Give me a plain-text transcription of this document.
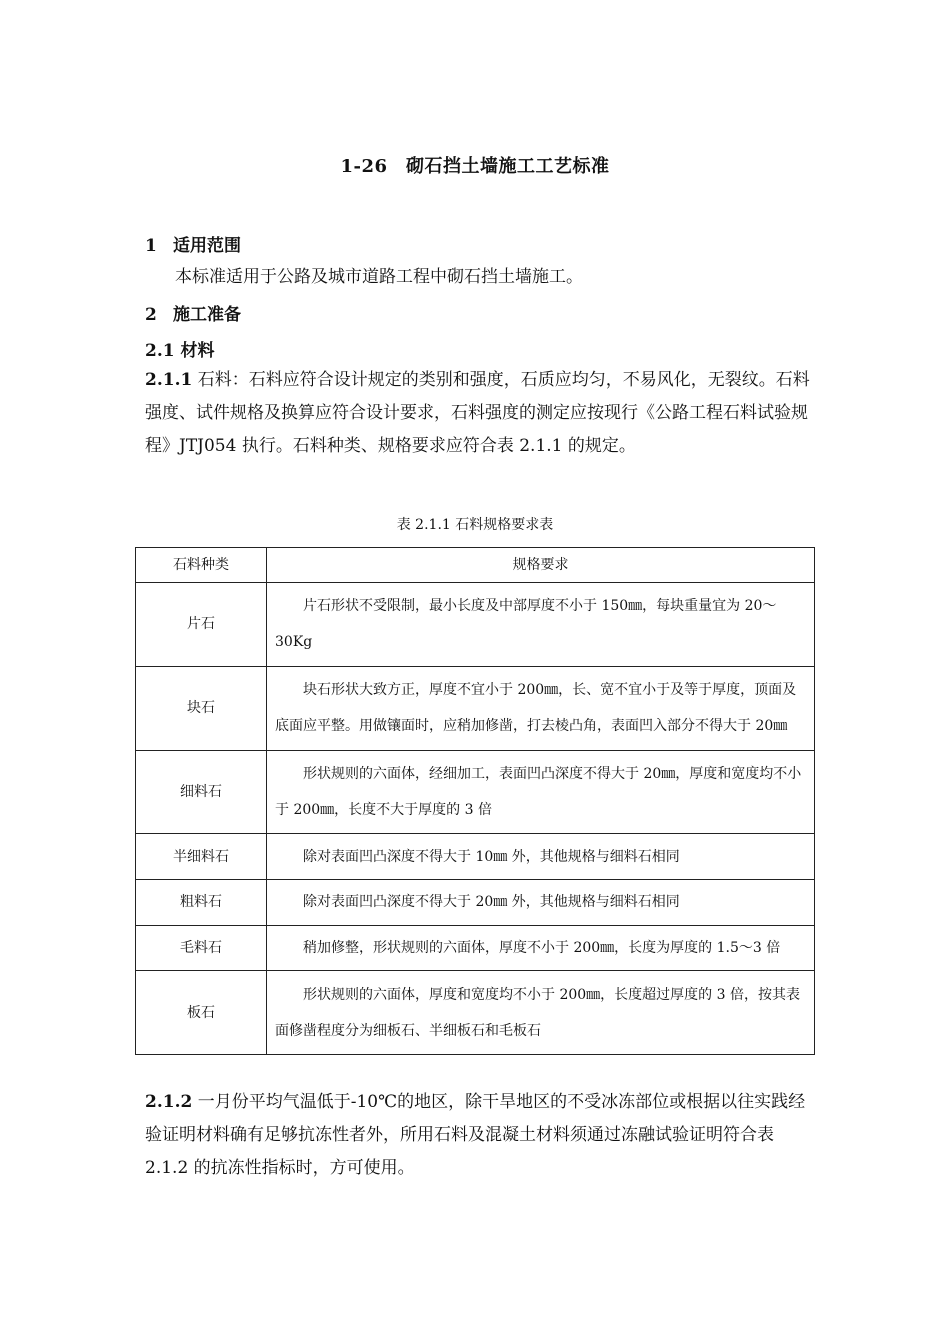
1-26　砌石挡土墙施工工艺标准
1 适用范围
本标准适用于公路及城市道路工程中砌石挡土墙施工。
2 施工准备
2.1 材料
2.1.1 石料：石料应符合设计规定的类别和强度，石质应均匀，不易风化，无裂纹。石料强度、试件规格及换算应符合设计要求，石料强度的测定应按现行《公路工程石料试验规程》JTJ054 执行。石料种类、规格要求应符合表 2.1.1 的规定。
表 2.1.1 石料规格要求表
石料种类	规格要求
片石	片石形状不受限制，最小长度及中部厚度不小于 150㎜，每块重量宜为 20～30Kg
块石	块石形状大致方正，厚度不宜小于 200㎜，长、宽不宜小于及等于厚度，顶面及底面应平整。用做镶面时，应稍加修凿，打去棱凸角，表面凹入部分不得大于 20㎜
细料石	形状规则的六面体，经细加工，表面凹凸深度不得大于 20㎜，厚度和宽度均不小于 200㎜，长度不大于厚度的 3 倍
半细料石	除对表面凹凸深度不得大于 10㎜ 外，其他规格与细料石相同
粗料石	除对表面凹凸深度不得大于 20㎜ 外，其他规格与细料石相同
毛料石	稍加修整，形状规则的六面体，厚度不小于 200㎜，长度为厚度的 1.5～3 倍
板石	形状规则的六面体，厚度和宽度均不小于 200㎜，长度超过厚度的 3 倍，按其表面修凿程度分为细板石、半细板石和毛板石
2.1.2 一月份平均气温低于-10℃的地区，除干旱地区的不受冰冻部位或根据以往实践经验证明材料确有足够抗冻性者外，所用石料及混凝土材料须通过冻融试验证明符合表 2.1.2 的抗冻性指标时，方可使用。
